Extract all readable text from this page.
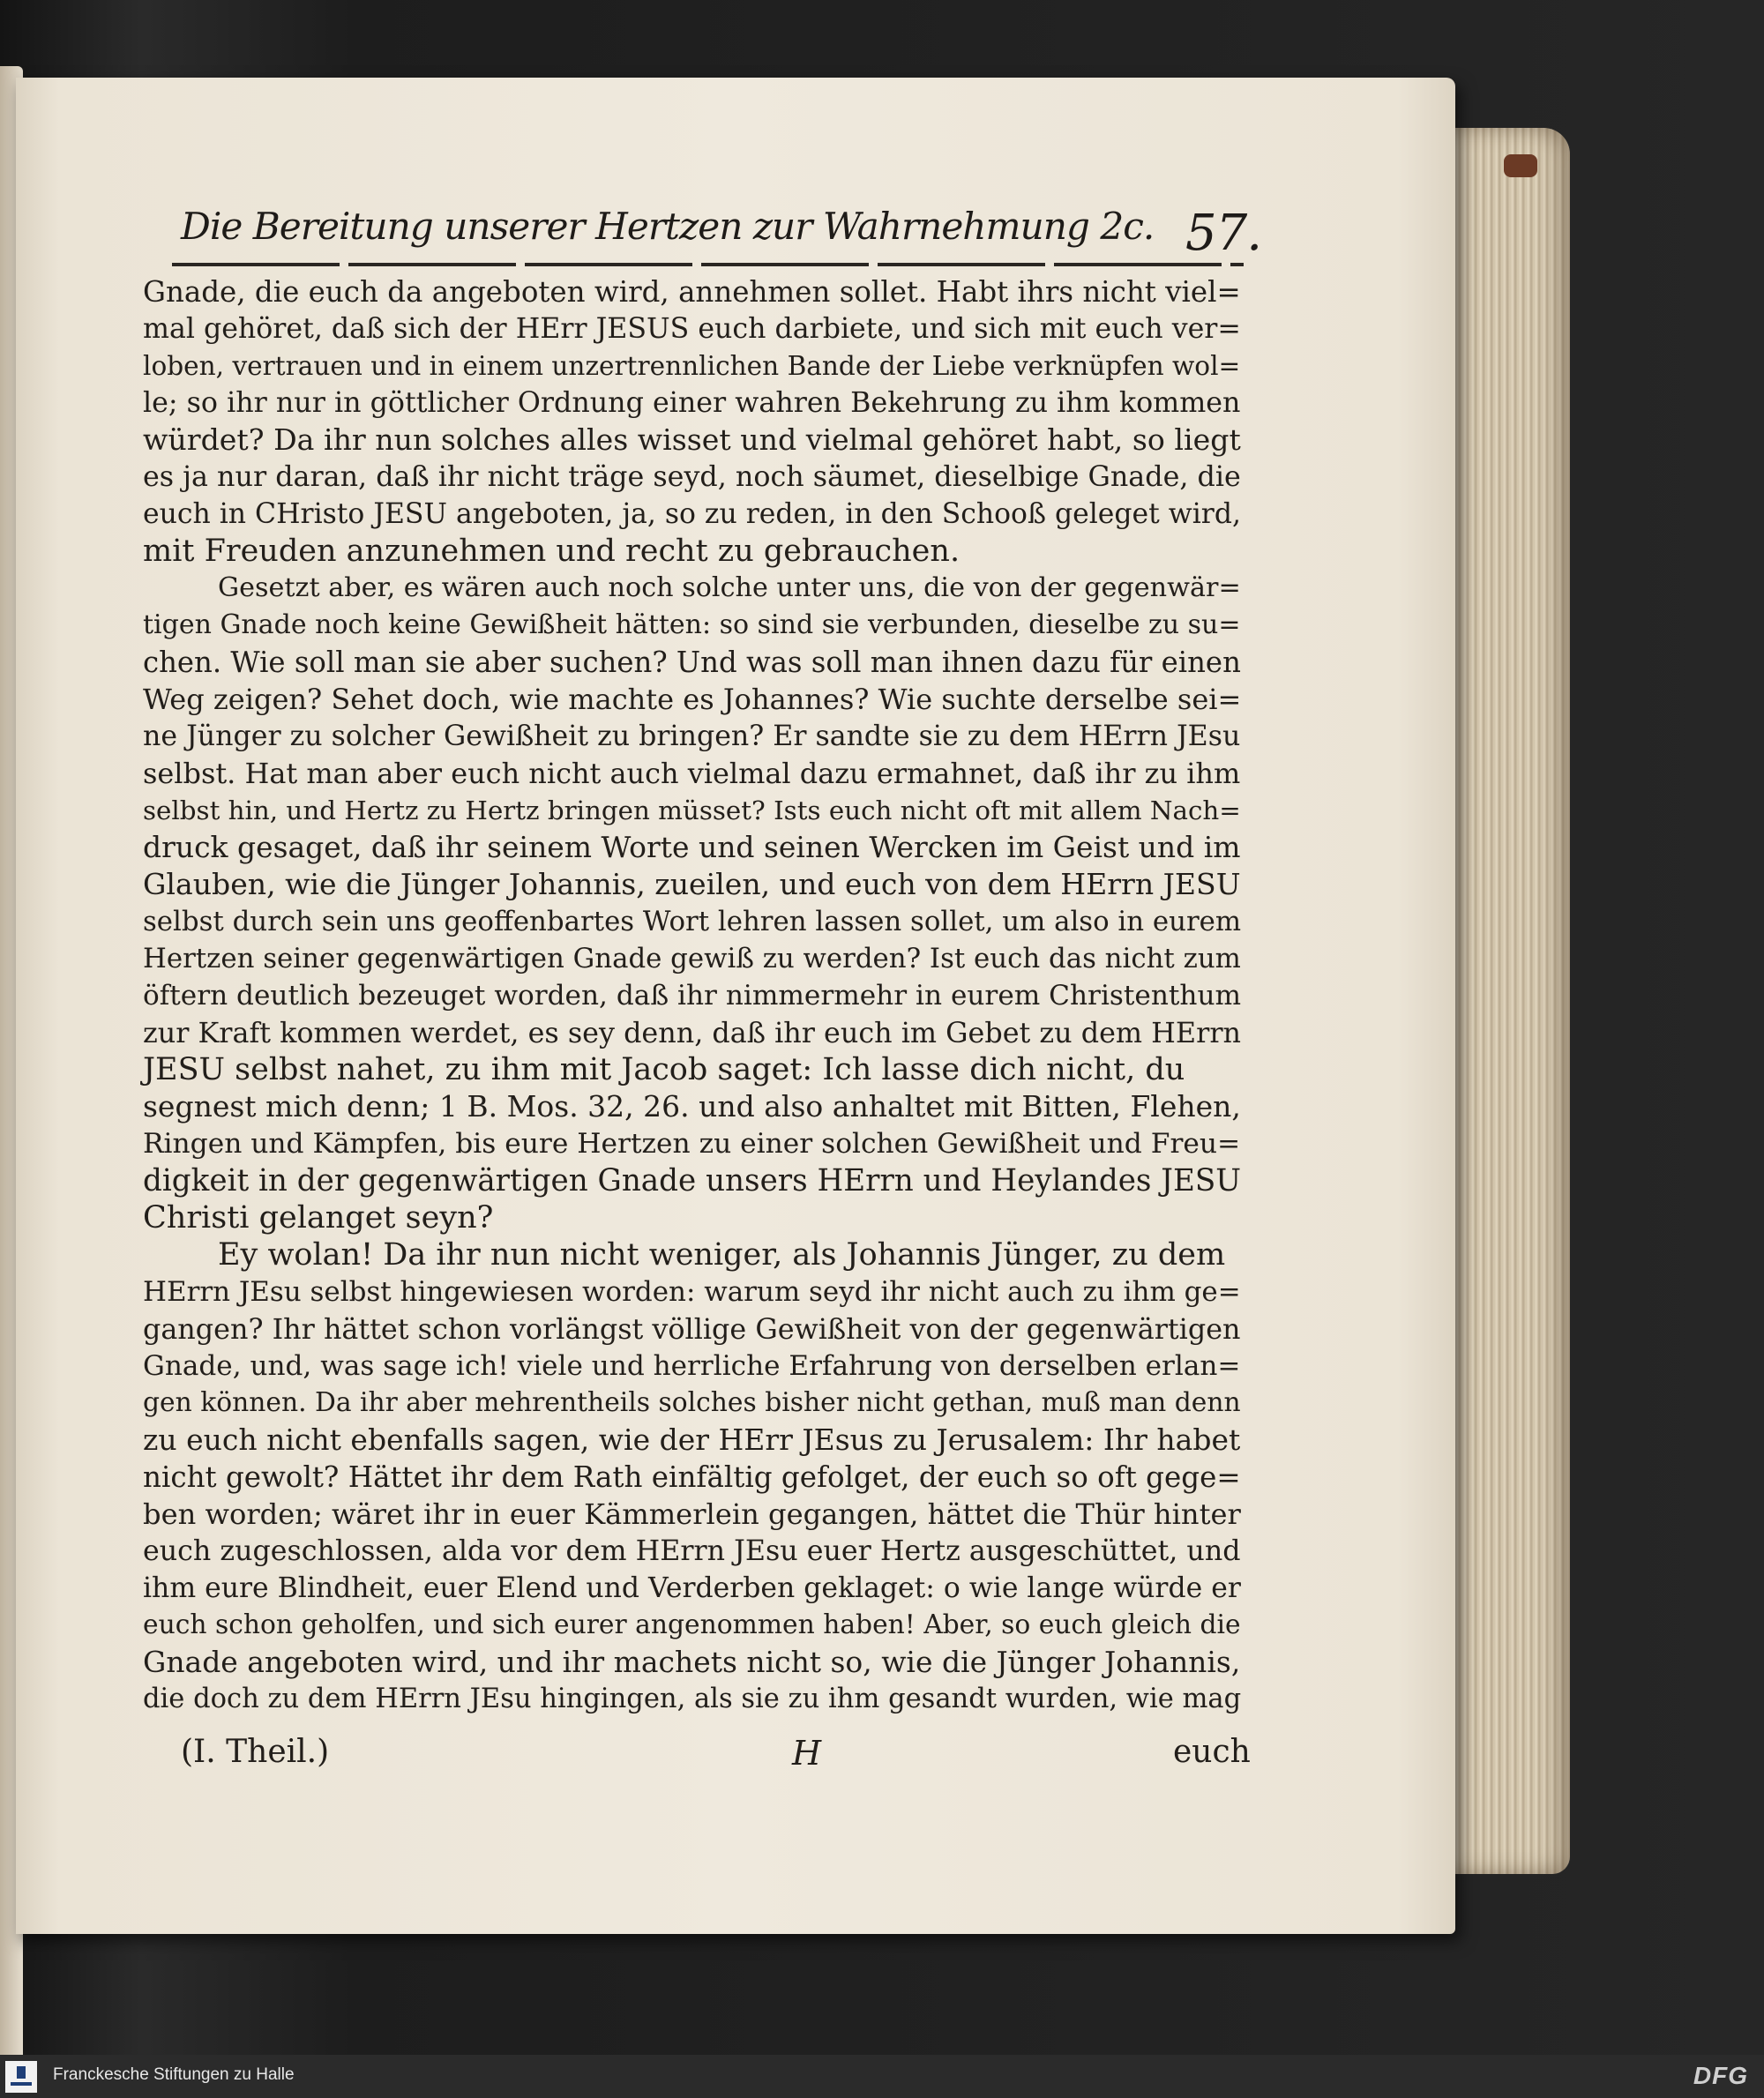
Die Bereitung unserer Hertzen zur Wahrnehmung 2c. 57.
Gnade, die euch da angeboten wird, annehmen sollet. Habt ihrs nicht viel=
mal gehöret, daß sich der HErr JESUS euch darbiete, und sich mit euch ver=
loben, vertrauen und in einem unzertrennlichen Bande der Liebe verknüpfen wol=
le; so ihr nur in göttlicher Ordnung einer wahren Bekehrung zu ihm kommen
würdet? Da ihr nun solches alles wisset und vielmal gehöret habt, so liegt
es ja nur daran, daß ihr nicht träge seyd, noch säumet, dieselbige Gnade, die
euch in CHristo JESU angeboten, ja, so zu reden, in den Schooß geleget wird,
mit Freuden anzunehmen und recht zu gebrauchen.
Gesetzt aber, es wären auch noch solche unter uns, die von der gegenwär=
tigen Gnade noch keine Gewißheit hätten: so sind sie verbunden, dieselbe zu su=
chen. Wie soll man sie aber suchen? Und was soll man ihnen dazu für einen
Weg zeigen? Sehet doch, wie machte es Johannes? Wie suchte derselbe sei=
ne Jünger zu solcher Gewißheit zu bringen? Er sandte sie zu dem HErrn JEsu
selbst. Hat man aber euch nicht auch vielmal dazu ermahnet, daß ihr zu ihm
selbst hin, und Hertz zu Hertz bringen müsset? Ists euch nicht oft mit allem Nach=
druck gesaget, daß ihr seinem Worte und seinen Wercken im Geist und im
Glauben, wie die Jünger Johannis, zueilen, und euch von dem HErrn JESU
selbst durch sein uns geoffenbartes Wort lehren lassen sollet, um also in eurem
Hertzen seiner gegenwärtigen Gnade gewiß zu werden? Ist euch das nicht zum
öftern deutlich bezeuget worden, daß ihr nimmermehr in eurem Christenthum
zur Kraft kommen werdet, es sey denn, daß ihr euch im Gebet zu dem HErrn
JESU selbst nahet, zu ihm mit Jacob saget: Ich lasse dich nicht, du
segnest mich denn; 1 B. Mos. 32, 26. und also anhaltet mit Bitten, Flehen,
Ringen und Kämpfen, bis eure Hertzen zu einer solchen Gewißheit und Freu=
digkeit in der gegenwärtigen Gnade unsers HErrn und Heylandes JESU
Christi gelanget seyn?
Ey wolan! Da ihr nun nicht weniger, als Johannis Jünger, zu dem
HErrn JEsu selbst hingewiesen worden: warum seyd ihr nicht auch zu ihm ge=
gangen? Ihr hättet schon vorlängst völlige Gewißheit von der gegenwärtigen
Gnade, und, was sage ich! viele und herrliche Erfahrung von derselben erlan=
gen können. Da ihr aber mehrentheils solches bisher nicht gethan, muß man denn
zu euch nicht ebenfalls sagen, wie der HErr JEsus zu Jerusalem: Ihr habet
nicht gewolt? Hättet ihr dem Rath einfältig gefolget, der euch so oft gege=
ben worden; wäret ihr in euer Kämmerlein gegangen, hättet die Thür hinter
euch zugeschlossen, alda vor dem HErrn JEsu euer Hertz ausgeschüttet, und
ihm eure Blindheit, euer Elend und Verderben geklaget: o wie lange würde er
euch schon geholfen, und sich eurer angenommen haben! Aber, so euch gleich die
Gnade angeboten wird, und ihr machets nicht so, wie die Jünger Johannis,
die doch zu dem HErrn JEsu hingingen, als sie zu ihm gesandt wurden, wie mag
(I. Theil.)	H	euch
Franckesche Stiftungen zu Halle	DFG
